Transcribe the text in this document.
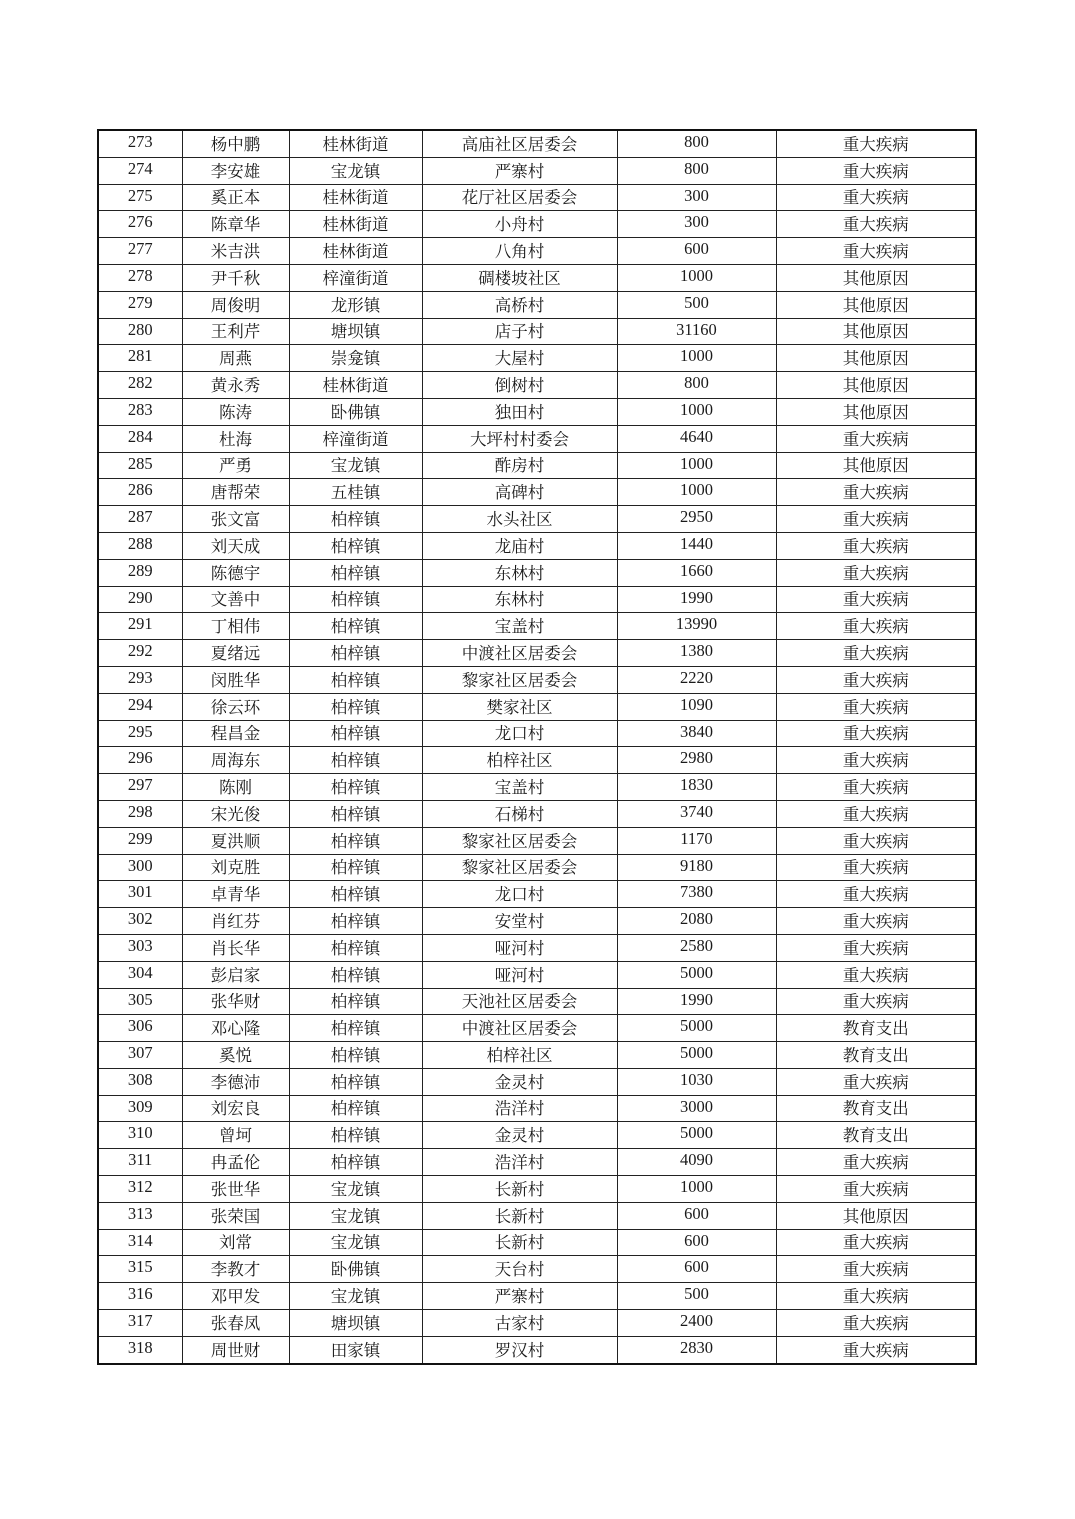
273	杨中鹏	桂林街道	高庙社区居委会	800	重大疾病
274	李安雄	宝龙镇	严寨村	800	重大疾病
275	奚正本	桂林街道	花厅社区居委会	300	重大疾病
276	陈章华	桂林街道	小舟村	300	重大疾病
277	米吉洪	桂林街道	八角村	600	重大疾病
278	尹千秋	梓潼街道	碉楼坡社区	1000	其他原因
279	周俊明	龙形镇	高桥村	500	其他原因
280	王利芹	塘坝镇	店子村	31160	其他原因
281	周燕	崇龛镇	大屋村	1000	其他原因
282	黄永秀	桂林街道	倒树村	800	其他原因
283	陈涛	卧佛镇	独田村	1000	其他原因
284	杜海	梓潼街道	大坪村村委会	4640	重大疾病
285	严勇	宝龙镇	酢房村	1000	其他原因
286	唐帮荣	五桂镇	高碑村	1000	重大疾病
287	张文富	柏梓镇	水头社区	2950	重大疾病
288	刘天成	柏梓镇	龙庙村	1440	重大疾病
289	陈德宇	柏梓镇	东林村	1660	重大疾病
290	文善中	柏梓镇	东林村	1990	重大疾病
291	丁相伟	柏梓镇	宝盖村	13990	重大疾病
292	夏绪远	柏梓镇	中渡社区居委会	1380	重大疾病
293	闵胜华	柏梓镇	黎家社区居委会	2220	重大疾病
294	徐云环	柏梓镇	樊家社区	1090	重大疾病
295	程昌金	柏梓镇	龙口村	3840	重大疾病
296	周海东	柏梓镇	柏梓社区	2980	重大疾病
297	陈刚	柏梓镇	宝盖村	1830	重大疾病
298	宋光俊	柏梓镇	石梯村	3740	重大疾病
299	夏洪顺	柏梓镇	黎家社区居委会	1170	重大疾病
300	刘克胜	柏梓镇	黎家社区居委会	9180	重大疾病
301	卓青华	柏梓镇	龙口村	7380	重大疾病
302	肖红芬	柏梓镇	安堂村	2080	重大疾病
303	肖长华	柏梓镇	哑河村	2580	重大疾病
304	彭启家	柏梓镇	哑河村	5000	重大疾病
305	张华财	柏梓镇	天池社区居委会	1990	重大疾病
306	邓心隆	柏梓镇	中渡社区居委会	5000	教育支出
307	奚悦	柏梓镇	柏梓社区	5000	教育支出
308	李德沛	柏梓镇	金灵村	1030	重大疾病
309	刘宏良	柏梓镇	浩洋村	3000	教育支出
310	曾坷	柏梓镇	金灵村	5000	教育支出
311	冉孟伦	柏梓镇	浩洋村	4090	重大疾病
312	张世华	宝龙镇	长新村	1000	重大疾病
313	张荣国	宝龙镇	长新村	600	其他原因
314	刘常	宝龙镇	长新村	600	重大疾病
315	李教才	卧佛镇	天台村	600	重大疾病
316	邓甲发	宝龙镇	严寨村	500	重大疾病
317	张春凤	塘坝镇	古家村	2400	重大疾病
318	周世财	田家镇	罗汉村	2830	重大疾病
